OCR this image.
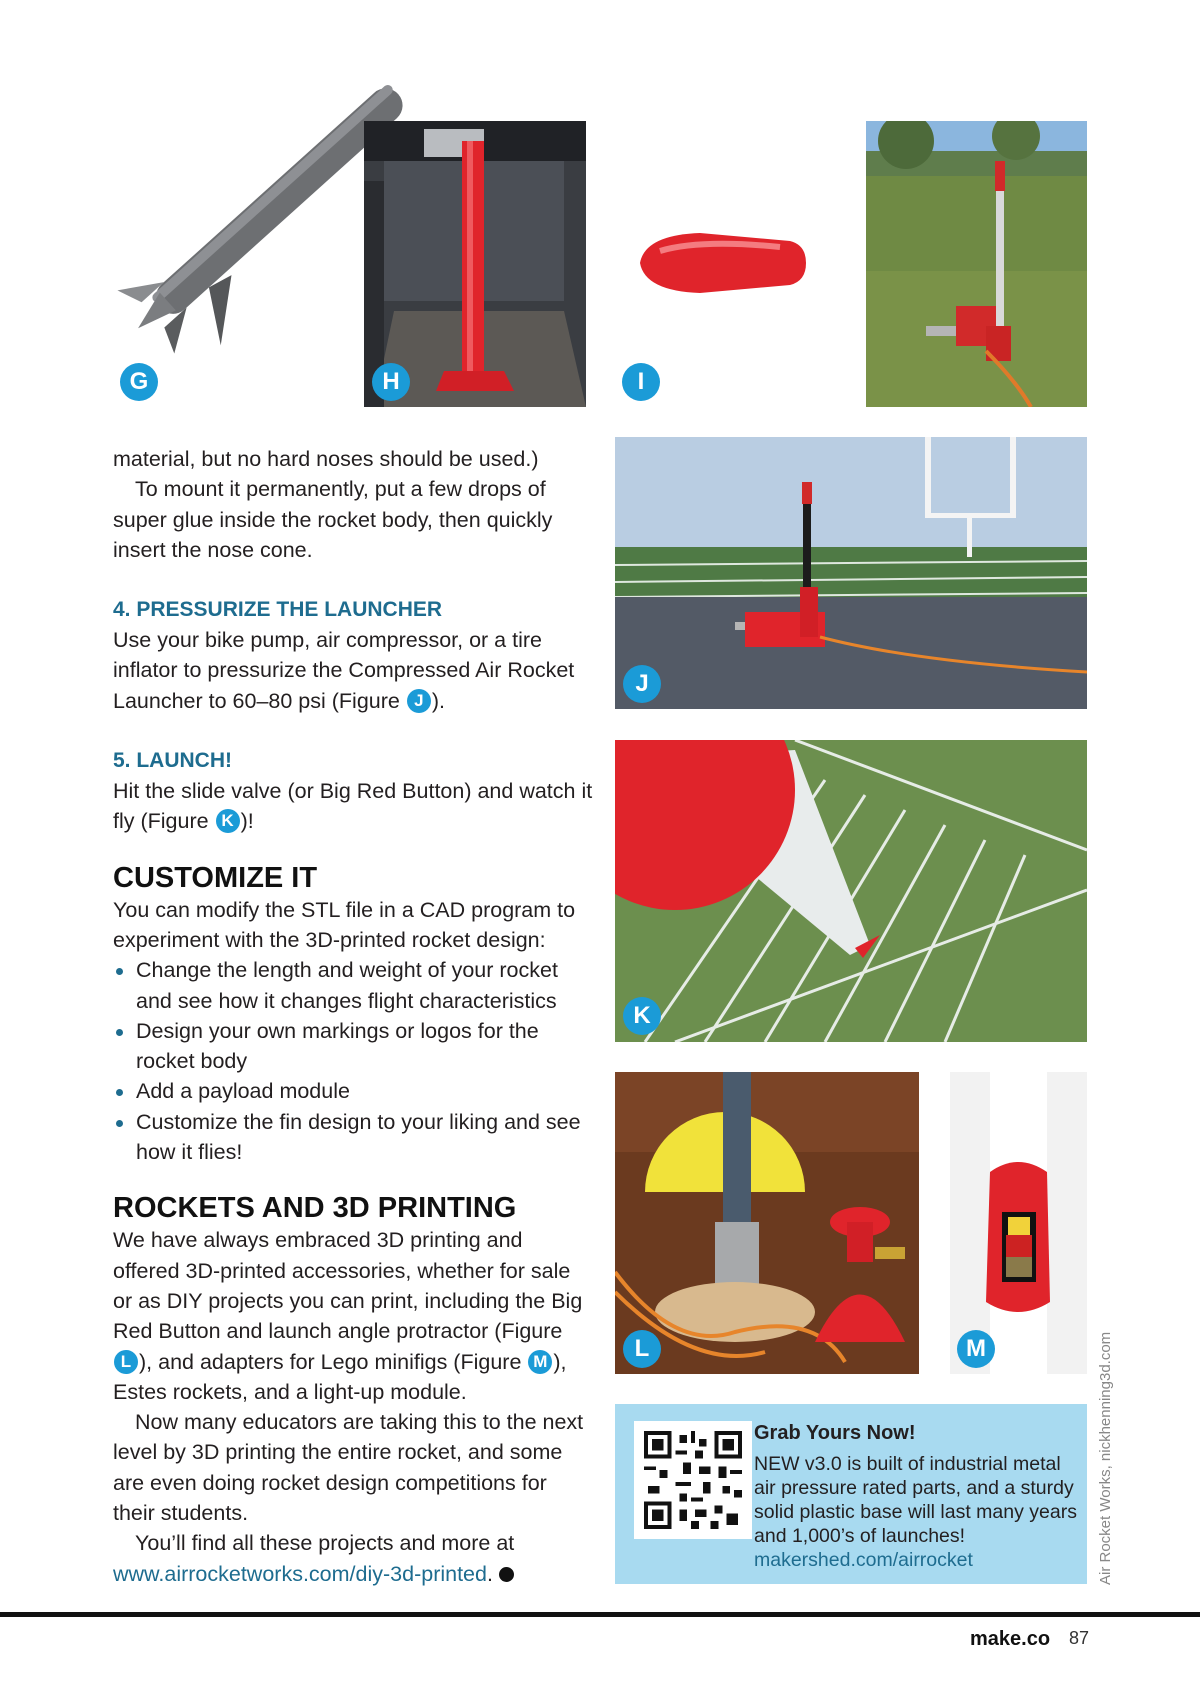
G	H	I

material, but no hard noses should be used.)

To mount it permanently, put a few drops of super glue inside the rocket body, then quickly insert the nose cone.

4. PRESSURIZE THE LAUNCHER

Use your bike pump, air compressor, or a tire inflator to pressurize the Compressed Air Rocket Launcher to 60–80 psi (Figure J ).

5. LAUNCH!

Hit the slide valve (or Big Red Button) and watch it fly (Figure K )!

CUSTOMIZE IT

You can modify the STL file in a CAD program to experiment with the 3D-printed rocket design:

Change the length and weight of your rocket and see how it changes flight characteristics
Design your own markings or logos for the rocket body
Add a payload module
Customize the fin design to your liking and see how it flies!

ROCKETS AND 3D PRINTING

We have always embraced 3D printing and offered 3D-printed accessories, whether for sale or as DIY projects you can print, including the Big Red Button and launch angle protractor (Figure L ), and adapters for Lego minifigs (Figure M ), Estes rockets, and a light-up module.

Now many educators are taking this to the next level by 3D printing the entire rocket, and some are even doing rocket design competitions for their students.

You’ll find all these projects and more at
www.airrocketworks.com/diy-3d-printed.

J
K
L	M	Air Rocket Works, nickhenning3d.com
Grab Yours Now!
NEW v3.0 is built of industrial metal air pressure rated parts, and a sturdy solid plastic base will last many years and 1,000’s of launches!
makershed.com/airrocket
make.co 87
